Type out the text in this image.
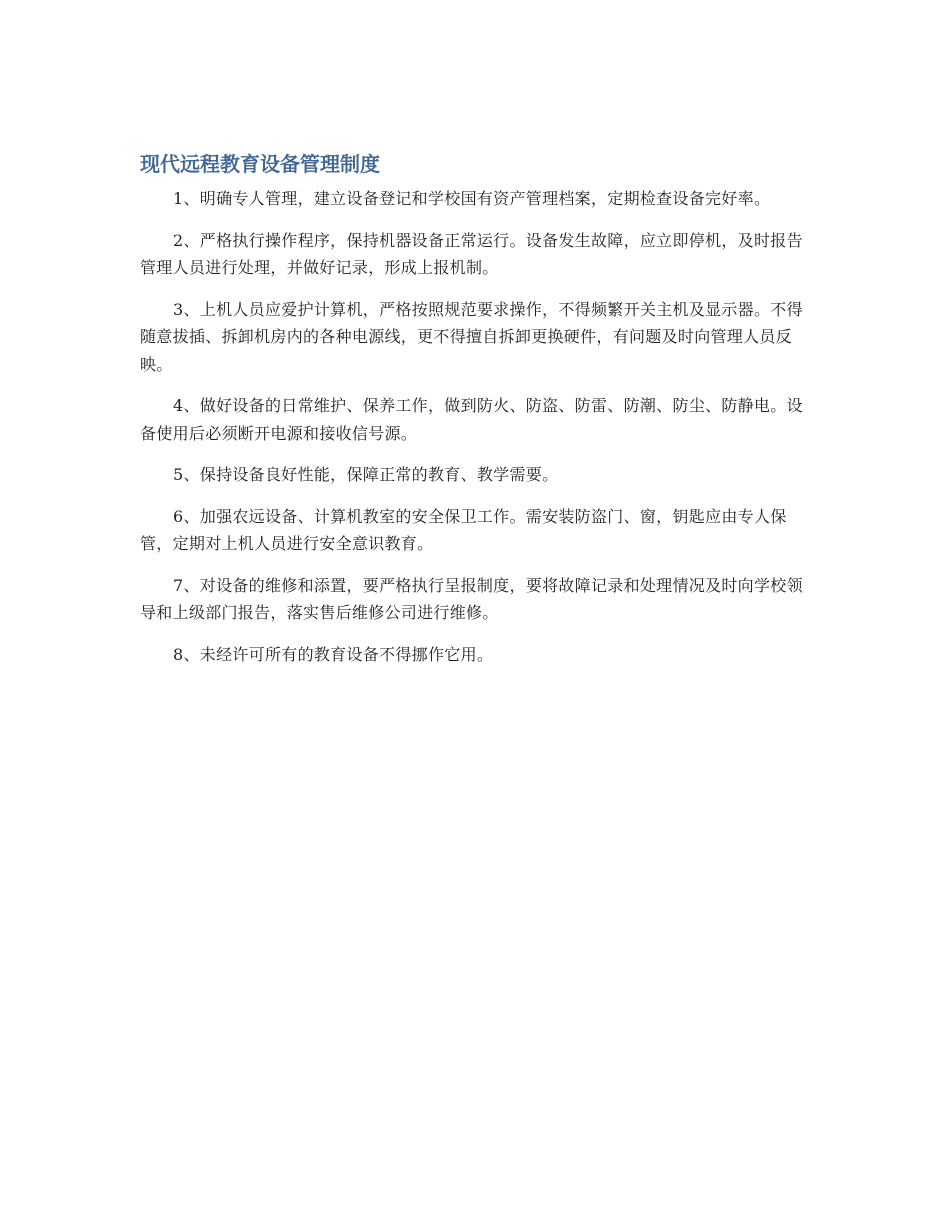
现代远程教育设备管理制度

1、明确专人管理，建立设备登记和学校国有资产管理档案，定期检查设备完好率。

2、严格执行操作程序，保持机器设备正常运行。设备发生故障，应立即停机，及时报告管理人员进行处理，并做好记录，形成上报机制。

3、上机人员应爱护计算机，严格按照规范要求操作，不得频繁开关主机及显示器。不得随意拔插、拆卸机房内的各种电源线，更不得擅自拆卸更换硬件，有问题及时向管理人员反映。

4、做好设备的日常维护、保养工作，做到防火、防盗、防雷、防潮、防尘、防静电。设备使用后必须断开电源和接收信号源。

5、保持设备良好性能，保障正常的教育、教学需要。

6、加强农远设备、计算机教室的安全保卫工作。需安装防盗门、窗，钥匙应由专人保管，定期对上机人员进行安全意识教育。

7、对设备的维修和添置，要严格执行呈报制度，要将故障记录和处理情况及时向学校领导和上级部门报告，落实售后维修公司进行维修。

8、未经许可所有的教育设备不得挪作它用。
